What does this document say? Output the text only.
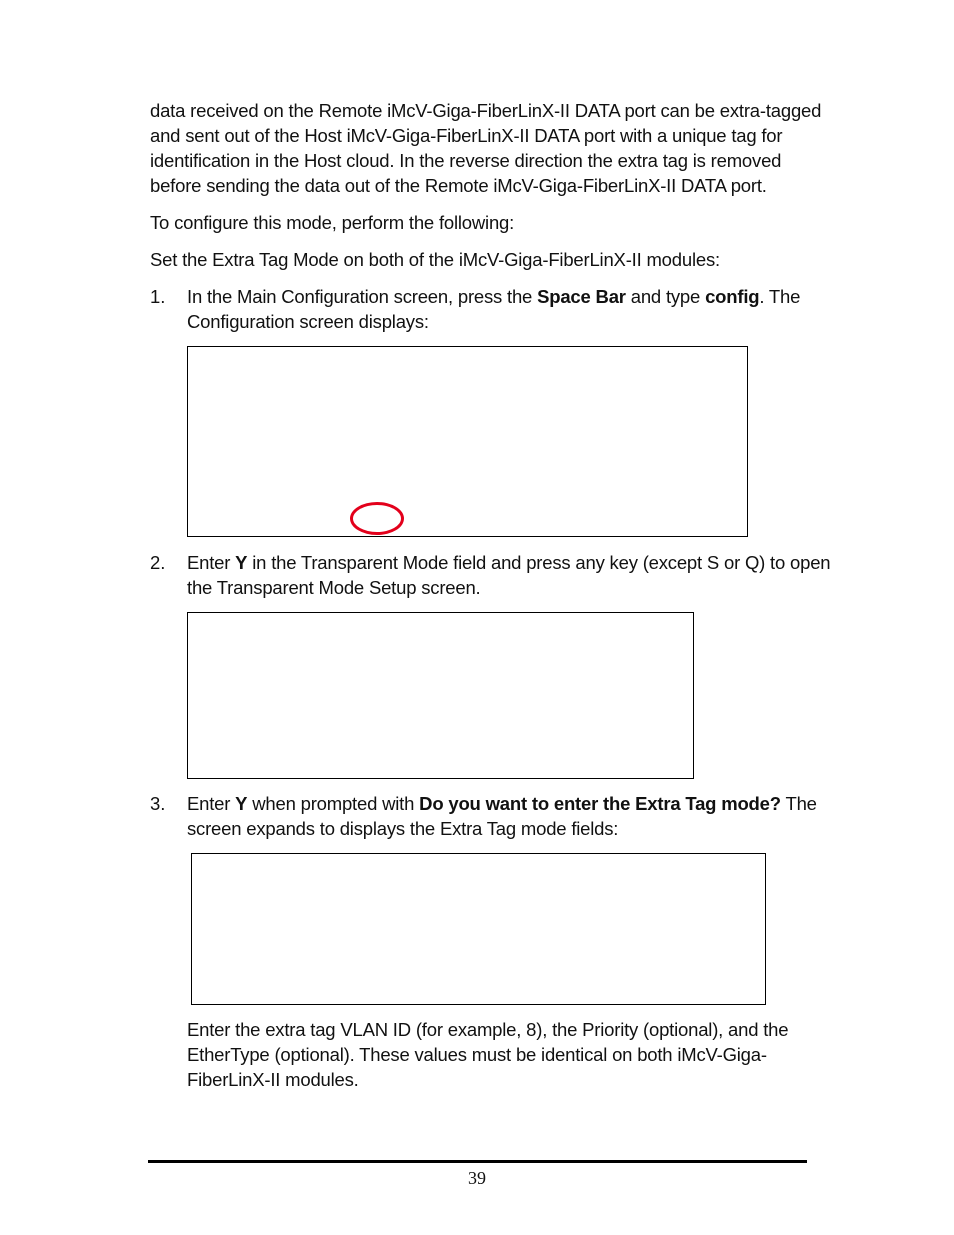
data received on the Remote iMcV-Giga-FiberLinX-II DATA port can be extra-tagged

and sent out of the Host iMcV-Giga-FiberLinX-II DATA port with a unique tag for

identification in the Host cloud. In the reverse direction the extra tag is removed

before sending the data out of the Remote iMcV-Giga-FiberLinX-II DATA port.

To configure this mode, perform the following:

Set the Extra Tag Mode on both of the iMcV-Giga-FiberLinX-II modules:

1. In the Main Configuration screen, press the Space Bar and type config. The

Configuration screen displays:

2. Enter Y in the Transparent Mode field and press any key (except S or Q) to open

the Transparent Mode Setup screen.

3. Enter Y when prompted with Do you want to enter the Extra Tag mode? The

screen expands to displays the Extra Tag mode fields:

Enter the extra tag VLAN ID (for example, 8), the Priority (optional), and the

EtherType (optional). These values must be identical on both iMcV-Giga-

FiberLinX-II modules.

39
